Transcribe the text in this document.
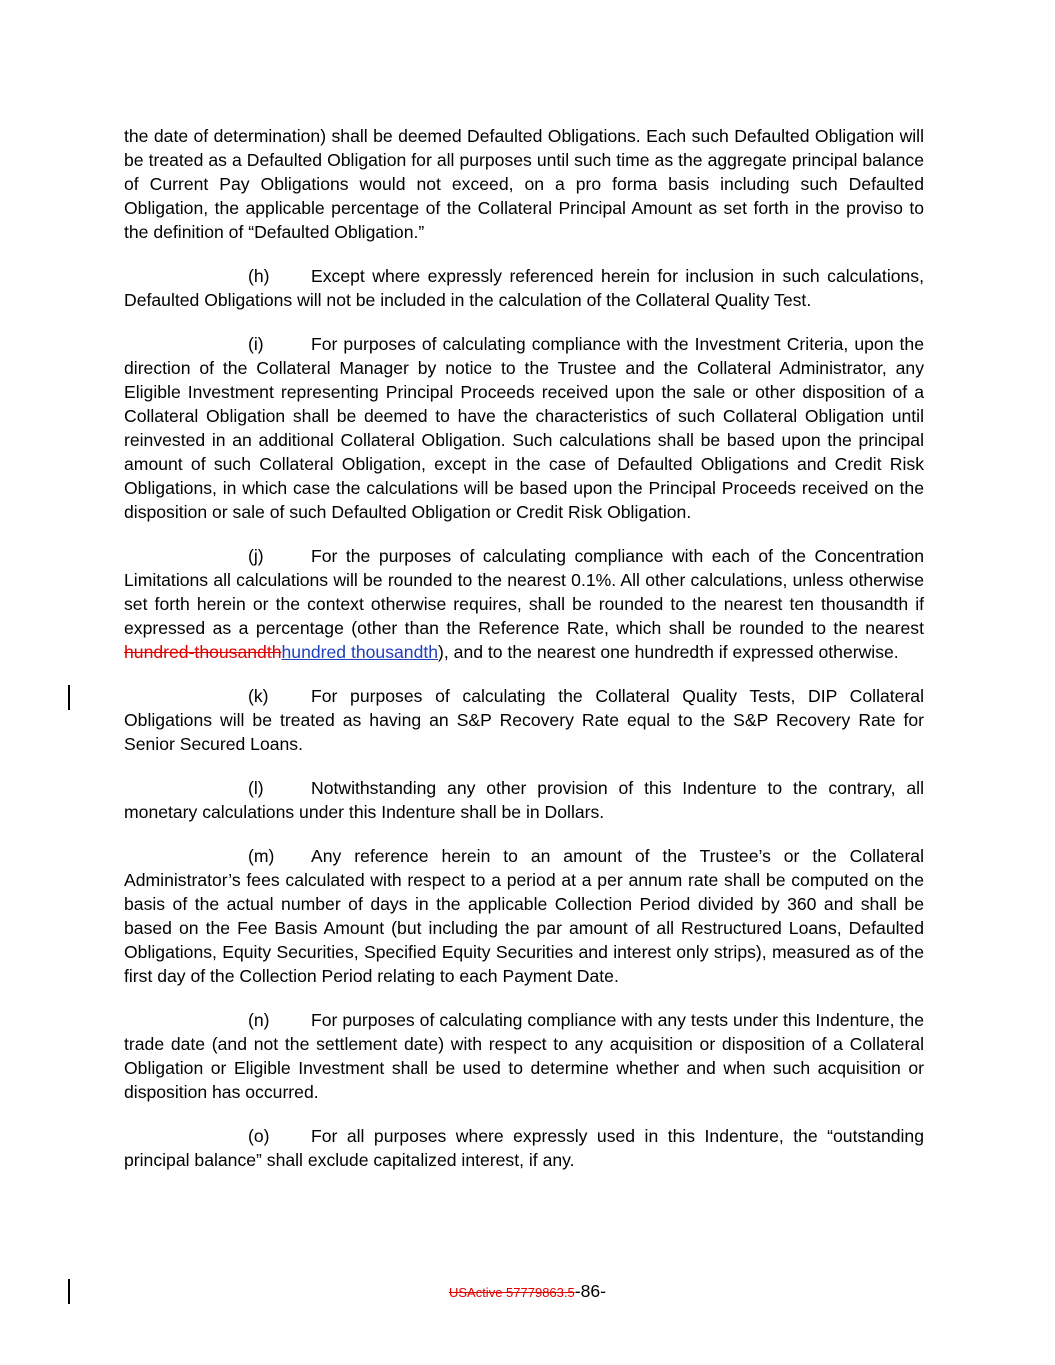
the date of determination) shall be deemed Defaulted Obligations. Each such Defaulted Obligation will be treated as a Defaulted Obligation for all purposes until such time as the aggregate principal balance of Current Pay Obligations would not exceed, on a pro forma basis including such Defaulted Obligation, the applicable percentage of the Collateral Principal Amount as set forth in the proviso to the definition of “Defaulted Obligation.”

(h) Except where expressly referenced herein for inclusion in such calculations, Defaulted Obligations will not be included in the calculation of the Collateral Quality Test.

(i)	For purposes of calculating compliance with the Investment Criteria, upon the direction of the Collateral Manager by notice to the Trustee and the Collateral Administrator, any Eligible Investment representing Principal Proceeds received upon the sale or other disposition of a Collateral Obligation shall be deemed to have the characteristics of such Collateral Obligation until reinvested in an additional Collateral Obligation. Such calculations shall be based upon the principal amount of such Collateral Obligation, except in the case of Defaulted Obligations and Credit Risk Obligations, in which case the calculations will be based upon the Principal Proceeds received on the disposition or sale of such Defaulted Obligation or Credit Risk Obligation.

(j)	For the purposes of calculating compliance with each of the Concentration Limitations all calculations will be rounded to the nearest 0.1%. All other calculations, unless otherwise set forth herein or the context otherwise requires, shall be rounded to the nearest ten thousandth if expressed as a percentage (other than the Reference Rate, which shall be rounded to the nearest hundred-thousandthhundred thousandth), and to the nearest one hundredth if expressed otherwise.

(k) For purposes of calculating the Collateral Quality Tests, DIP Collateral Obligations will be treated as having an S&P Recovery Rate equal to the S&P Recovery Rate for Senior Secured Loans.

(l)	Notwithstanding any other provision of this Indenture to the contrary, all monetary calculations under this Indenture shall be in Dollars.

(m) Any reference herein to an amount of the Trustee’s or the Collateral Administrator’s fees calculated with respect to a period at a per annum rate shall be computed on the basis of the actual number of days in the applicable Collection Period divided by 360 and shall be based on the Fee Basis Amount (but including the par amount of all Restructured Loans, Defaulted Obligations, Equity Securities, Specified Equity Securities and interest only strips), measured as of the first day of the Collection Period relating to each Payment Date.

(n) For purposes of calculating compliance with any tests under this Indenture, the trade date (and not the settlement date) with respect to any acquisition or disposition of a Collateral Obligation or Eligible Investment shall be used to determine whether and when such acquisition or disposition has occurred.

(o) For all purposes where expressly used in this Indenture, the “outstanding principal balance” shall exclude capitalized interest, if any.

USActive 57779863.5-86-
